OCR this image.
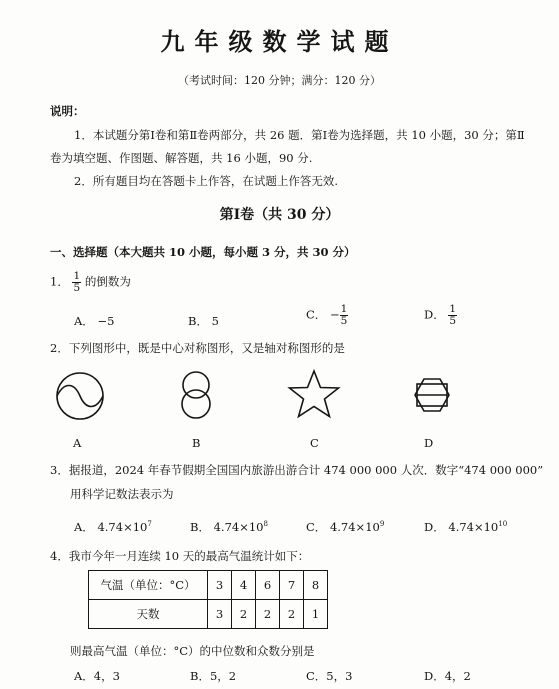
九年级数学试题
（考试时间：120 分钟；满分：120 分）
说明：
1．本试题分第Ⅰ卷和第Ⅱ卷两部分，共 26 题．第Ⅰ卷为选择题，共 10 小题，30 分；第Ⅱ
卷为填空题、作图题、解答题，共 16 小题，90 分.
2．所有题目均在答题卡上作答，在试题上作答无效.
第Ⅰ卷（共 30 分）
一、选择题（本大题共 10 小题，每小题 3 分，共 30 分）
1． $\frac{1}{5}$ 的倒数为
A． −5	B． 5	C． − $\frac{1}{5}$	D． $\frac{1}{5}$
2．下列图形中，既是中心对称图形，又是轴对称图形的是
A	B	C	D
3．据报道，2024 年春节假期全国国内旅游出游合计 474 000 000 人次．数字“474 000 000”
用科学记数法表示为
A． $4.74\times 10^7$	B． $4.74\times 10^8$	C． $4.74\times 10^9$	D． $4.74\times 10^{10}$
4．我市今年一月连续 10 天的最高气温统计如下：
气温（单位：°C）	3	4	6	7	8
天数	3	2	2	2	1
则最高气温（单位：°C）的中位数和众数分别是
A．4，3	B．5，2	C．5，3	D．4，2
